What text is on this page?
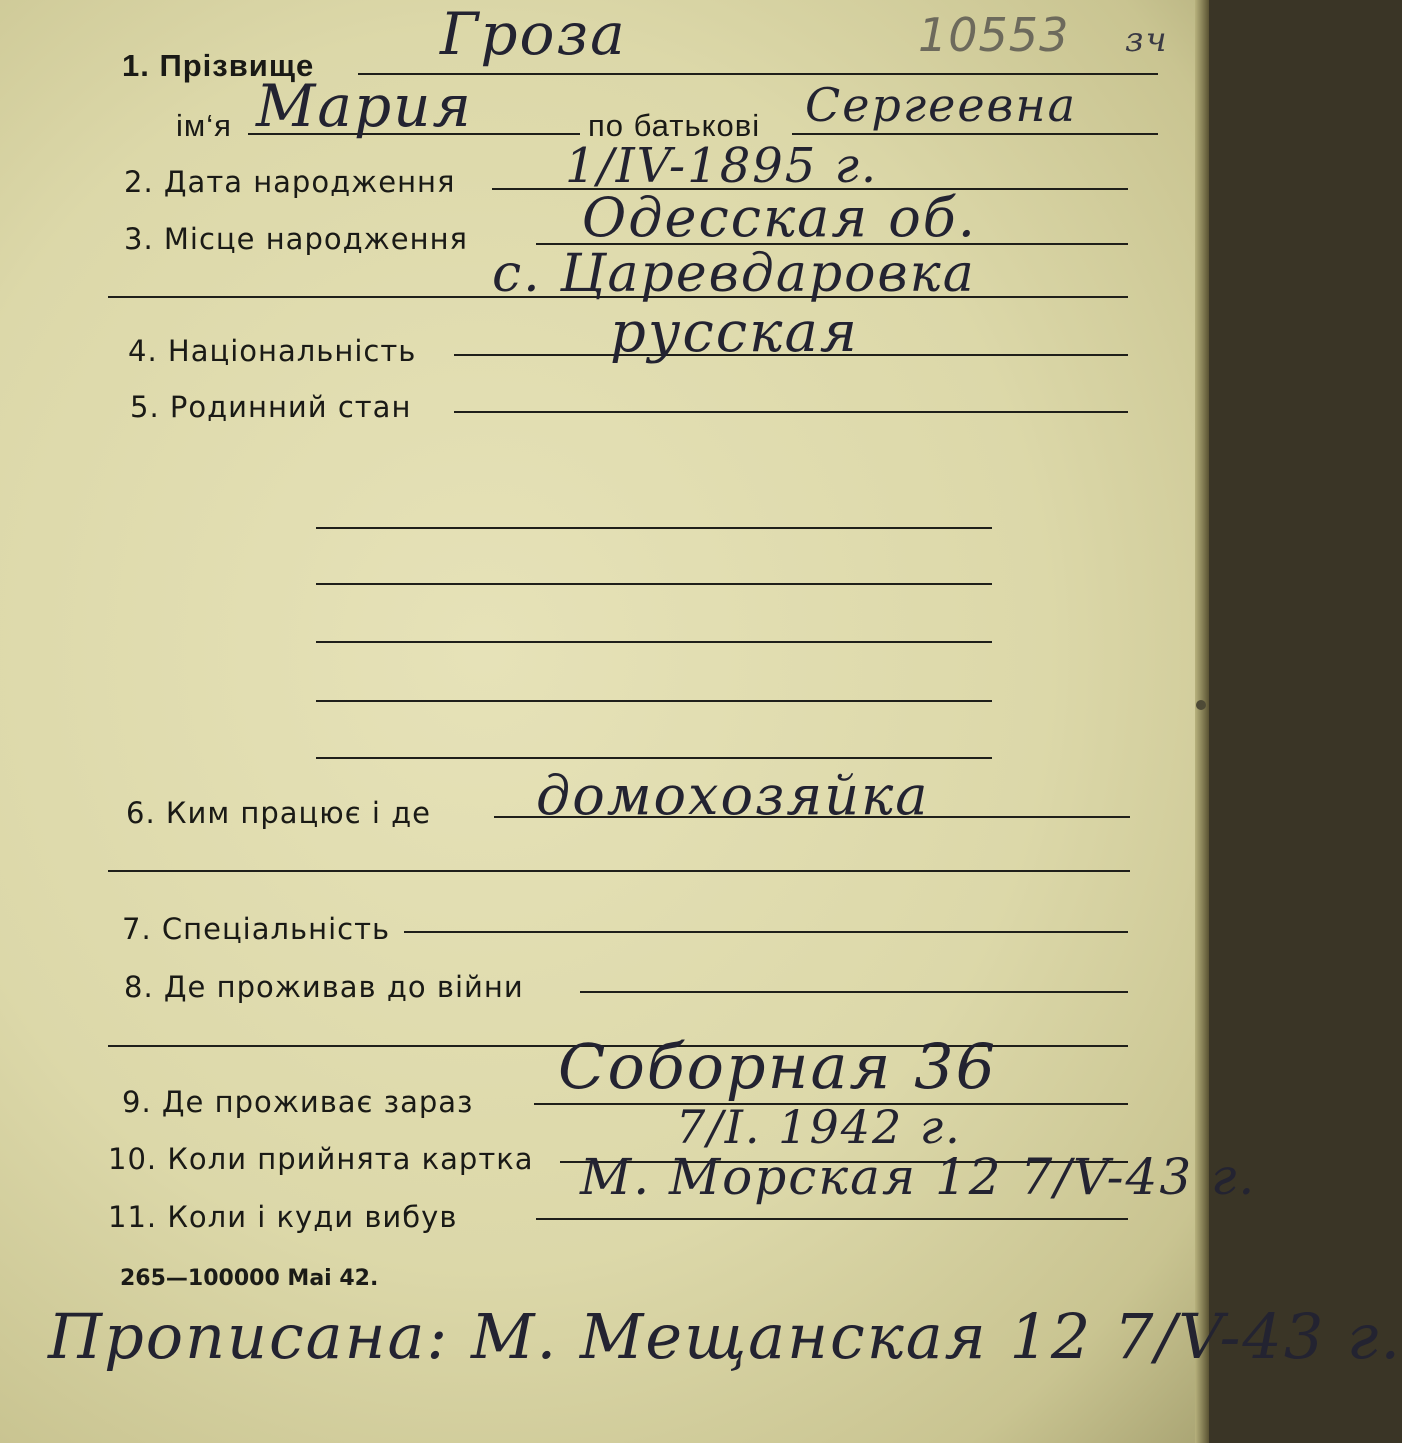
10553 зч
1. Прізвище Гроза
ім‘я Мария	по батькові Сергеевна
2. Дата народження 1/IV-1895 г.
3. Місце народження Одесская об.
с. Царевдаровка
4. Національність	русская
5. Родинний стан
6. Ким працює і де домохозяйка
7. Спеціальність
8. Де проживав до війни
9. Де проживає зараз Соборная 36
10. Коли прийнята картка
7/I. 1942 г.
11. Коли і куди вибув
М. Морская 12 7/V-43 г.
265—100000 Mai 42.
Прописана: М. Мещанская 12 7/V-43 г.
